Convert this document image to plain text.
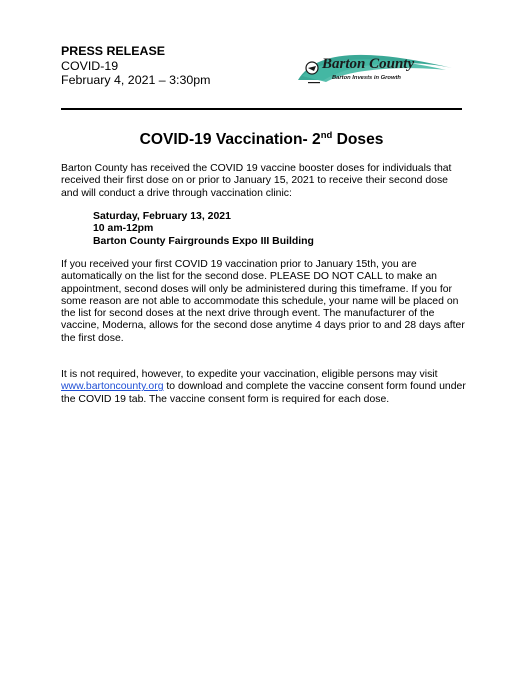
PRESS RELEASE
COVID-19
February 4, 2021 – 3:30pm
Barton County
Barton Invests in Growth
COVID-19 Vaccination- 2nd Doses
Barton County has received the COVID 19 vaccine booster doses for individuals that received their first dose on or prior to January 15, 2021 to receive their second dose and will conduct a drive through vaccination clinic:
Saturday, February 13, 2021
10 am-12pm
Barton County Fairgrounds Expo III Building
If you received your first COVID 19 vaccination prior to January 15th, you are automatically on the list for the second dose. PLEASE DO NOT CALL to make an appointment, second doses will only be administered during this timeframe. If you for some reason are not able to accommodate this schedule, your name will be placed on the list for second doses at the next drive through event. The manufacturer of the vaccine, Moderna, allows for the second dose anytime 4 days prior to and 28 days after the first dose.
It is not required, however, to expedite your vaccination, eligible persons may visit www.bartoncounty.org to download and complete the vaccine consent form found under the COVID 19 tab. The vaccine consent form is required for each dose.
